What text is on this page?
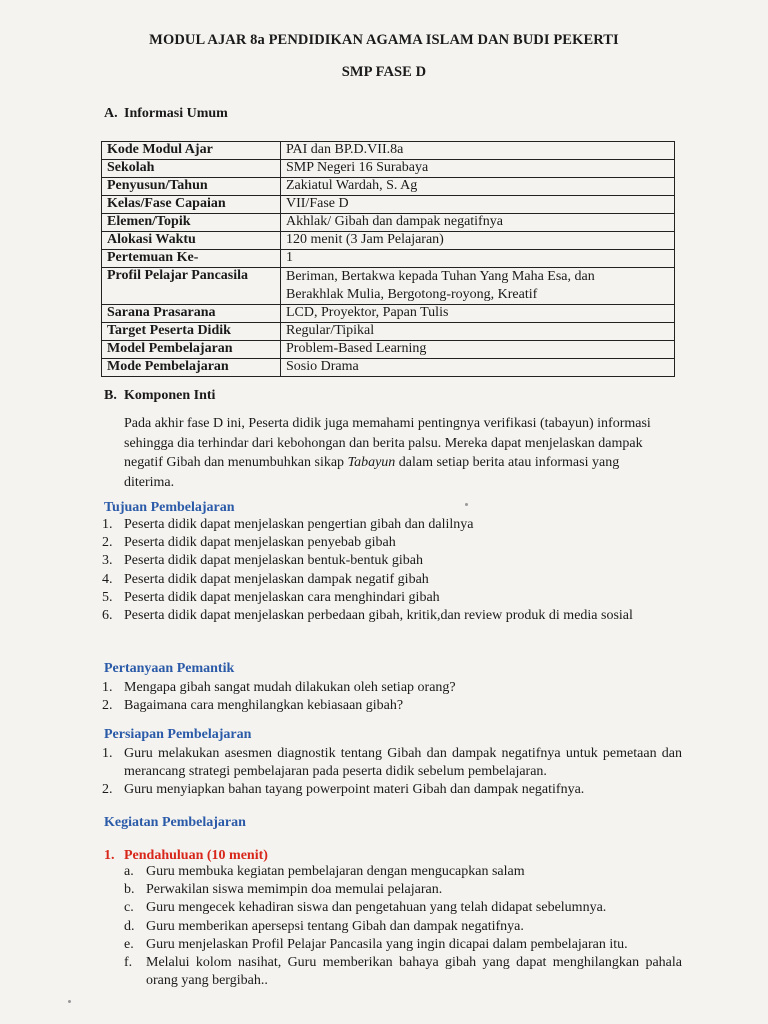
MODUL AJAR 8a PENDIDIKAN AGAMA ISLAM DAN BUDI PEKERTI
SMP FASE D
A. Informasi Umum
Kode Modul Ajar	PAI dan BP.D.VII.8a
Sekolah	SMP Negeri 16 Surabaya
Penyusun/Tahun	Zakiatul Wardah, S. Ag
Kelas/Fase Capaian	VII/Fase D
Elemen/Topik	Akhlak/ Gibah dan dampak negatifnya
Alokasi Waktu	120 menit (3 Jam Pelajaran)
Pertemuan Ke-	1
Profil Pelajar Pancasila	Beriman, Bertakwa kepada Tuhan Yang Maha Esa, dan
Berakhlak Mulia, Bergotong-royong, Kreatif
Sarana Prasarana	LCD, Proyektor, Papan Tulis
Target Peserta Didik	Regular/Tipikal
Model Pembelajaran	Problem-Based Learning
Mode Pembelajaran	Sosio Drama
B. Komponen Inti
Pada akhir fase D ini, Peserta didik juga memahami pentingnya verifikasi (tabayun) informasi sehingga dia terhindar dari kebohongan dan berita palsu. Mereka dapat menjelaskan dampak negatif Gibah dan menumbuhkan sikap Tabayun dalam setiap berita atau informasi yang diterima.
Tujuan Pembelajaran
1. Peserta didik dapat menjelaskan pengertian gibah dan dalilnya
2. Peserta didik dapat menjelaskan penyebab gibah
3. Peserta didik dapat menjelaskan bentuk-bentuk gibah
4. Peserta didik dapat menjelaskan dampak negatif gibah
5. Peserta didik dapat menjelaskan cara menghindari gibah
6. Peserta didik dapat menjelaskan perbedaan gibah, kritik,dan review produk di media sosial
Pertanyaan Pemantik
1. Mengapa gibah sangat mudah dilakukan oleh setiap orang?
2. Bagaimana cara menghilangkan kebiasaan gibah?
Persiapan Pembelajaran
1. Guru melakukan asesmen diagnostik tentang Gibah dan dampak negatifnya untuk pemetaan dan merancang strategi pembelajaran pada peserta didik sebelum pembelajaran.
2. Guru menyiapkan bahan tayang powerpoint materi Gibah dan dampak negatifnya.
Kegiatan Pembelajaran
1. Pendahuluan (10 menit)
a. Guru membuka kegiatan pembelajaran dengan mengucapkan salam
b. Perwakilan siswa memimpin doa memulai pelajaran.
c. Guru mengecek kehadiran siswa dan pengetahuan yang telah didapat sebelumnya.
d. Guru memberikan apersepsi tentang Gibah dan dampak negatifnya.
e. Guru menjelaskan Profil Pelajar Pancasila yang ingin dicapai dalam pembelajaran itu.
f. Melalui kolom nasihat, Guru memberikan bahaya gibah yang dapat menghilangkan pahala orang yang bergibah..
